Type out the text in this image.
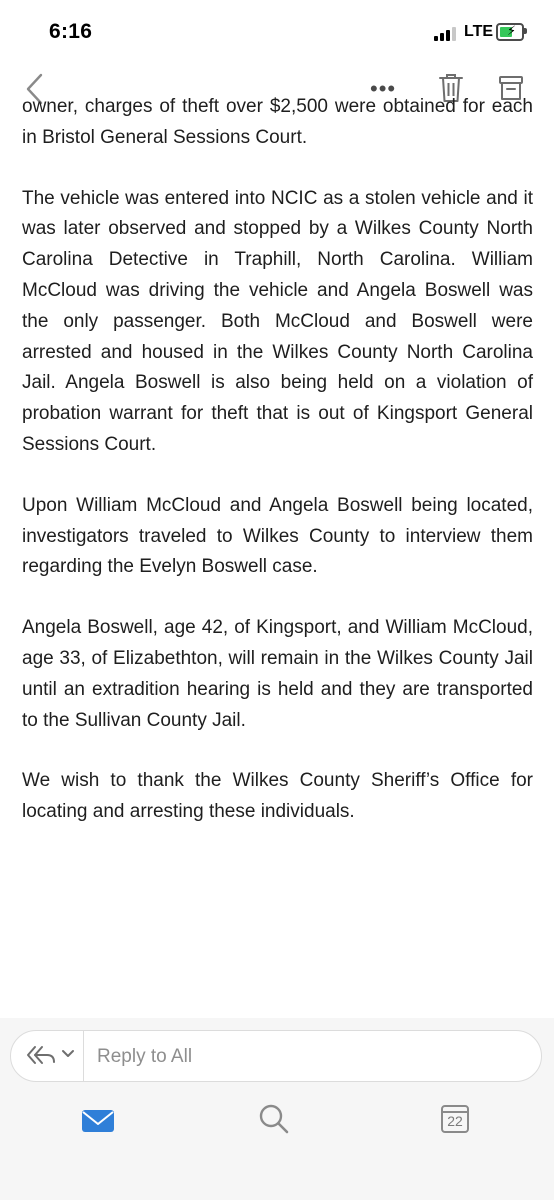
6:16	LTE ⚡
•••

owner, charges of theft over $2,500 were obtained for each in Bristol General Sessions Court.

The vehicle was entered into NCIC as a stolen vehicle and it was later observed and stopped by a Wilkes County North Carolina Detective in Traphill, North Carolina. William McCloud was driving the vehicle and Angela Boswell was the only passenger. Both McCloud and Boswell were arrested and housed in the Wilkes County North Carolina Jail. Angela Boswell is also being held on a violation of probation warrant for theft that is out of Kingsport General Sessions Court.

Upon William McCloud and Angela Boswell being located, investigators traveled to Wilkes County to interview them regarding the Evelyn Boswell case.

Angela Boswell, age 42, of Kingsport, and William McCloud, age 33, of Elizabethton, will remain in the Wilkes County Jail until an extradition hearing is held and they are transported to the Sullivan County Jail.

We wish to thank the Wilkes County Sheriff’s Office for locating and arresting these individuals.

Reply to All
22
